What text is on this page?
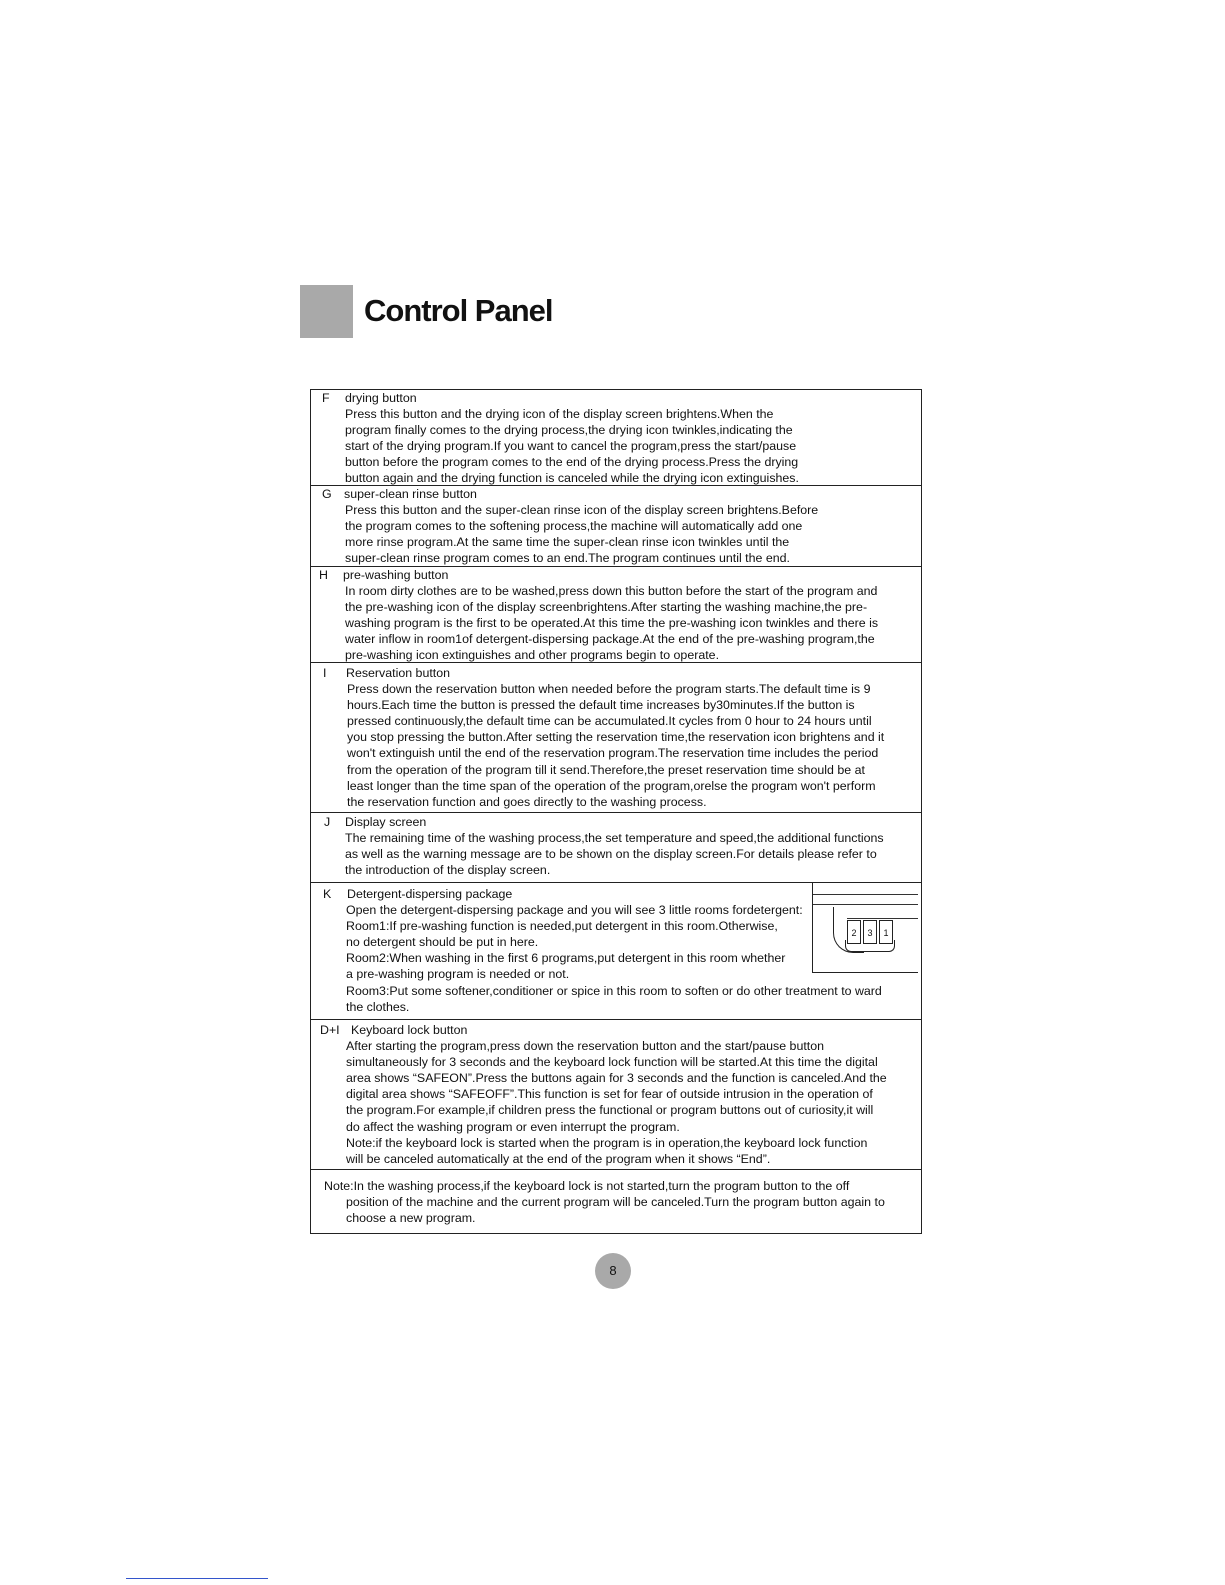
Control Panel
F drying button

Press this button and the drying icon of the display screen brightens.When the

program finally comes to the drying process,the drying icon twinkles,indicating the

start of the drying program.If you want to cancel the program,press the start/pause

button before the program comes to the end of the drying process.Press the drying

button again and the drying function is canceled while the drying icon extinguishes.

G super-clean rinse button

Press this button and the super-clean rinse icon of the display screen brightens.Before

the program comes to the softening process,the machine will automatically add one

more rinse program.At the same time the super-clean rinse icon twinkles until the

super-clean rinse program comes to an end.The program continues until the end.

H pre-washing button

In room dirty clothes are to be washed,press down this button before the start of the program and

the pre-washing icon of the display screenbrightens.After starting the washing machine,the pre-

washing program is the first to be operated.At this time the pre-washing icon twinkles and there is

water inflow in room1of detergent-dispersing package.At the end of the pre-washing program,the

pre-washing icon extinguishes and other programs begin to operate.

I Reservation button

Press down the reservation button when needed before the program starts.The default time is 9

hours.Each time the button is pressed the default time increases by30minutes.If the button is

pressed continuously,the default time can be accumulated.It cycles from 0 hour to 24 hours until

you stop pressing the button.After setting the reservation time,the reservation icon brightens and it

won't extinguish until the end of the reservation program.The reservation time includes the period

from the operation of the program till it send.Therefore,the preset reservation time should be at

least longer than the time span of the operation of the program,orelse the program won't perform

the reservation function and goes directly to the washing process.

J Display screen

The remaining time of the washing process,the set temperature and speed,the additional functions

as well as the warning message are to be shown on the display screen.For details please refer to

the introduction of the display screen.

K Detergent-dispersing package

Open the detergent-dispersing package and you will see 3 little rooms fordetergent:

Room1:If pre-washing function is needed,put detergent in this room.Otherwise,

no detergent should be put in here.

Room2:When washing in the first 6 programs,put detergent in this room whether

a pre-washing program is needed or not.

Room3:Put some softener,conditioner or spice in this room to soften or do other treatment to ward

the clothes.

2	3	1
D+I Keyboard lock button

After starting the program,press down the reservation button and the start/pause button

simultaneously for 3 seconds and the keyboard lock function will be started.At this time the digital

area shows “SAFEON”.Press the buttons again for 3 seconds and the function is canceled.And the

digital area shows “SAFEOFF”.This function is set for fear of outside intrusion in the operation of

the program.For example,if children press the functional or program buttons out of curiosity,it will

do affect the washing program or even interrupt the program.

Note:if the keyboard lock is started when the program is in operation,the keyboard lock function

will be canceled automatically at the end of the program when it shows “End”.

Note:In the washing process,if the keyboard lock is not started,turn the program button to the off

position of the machine and the current program will be canceled.Turn the program button again to

choose a new program.

8
